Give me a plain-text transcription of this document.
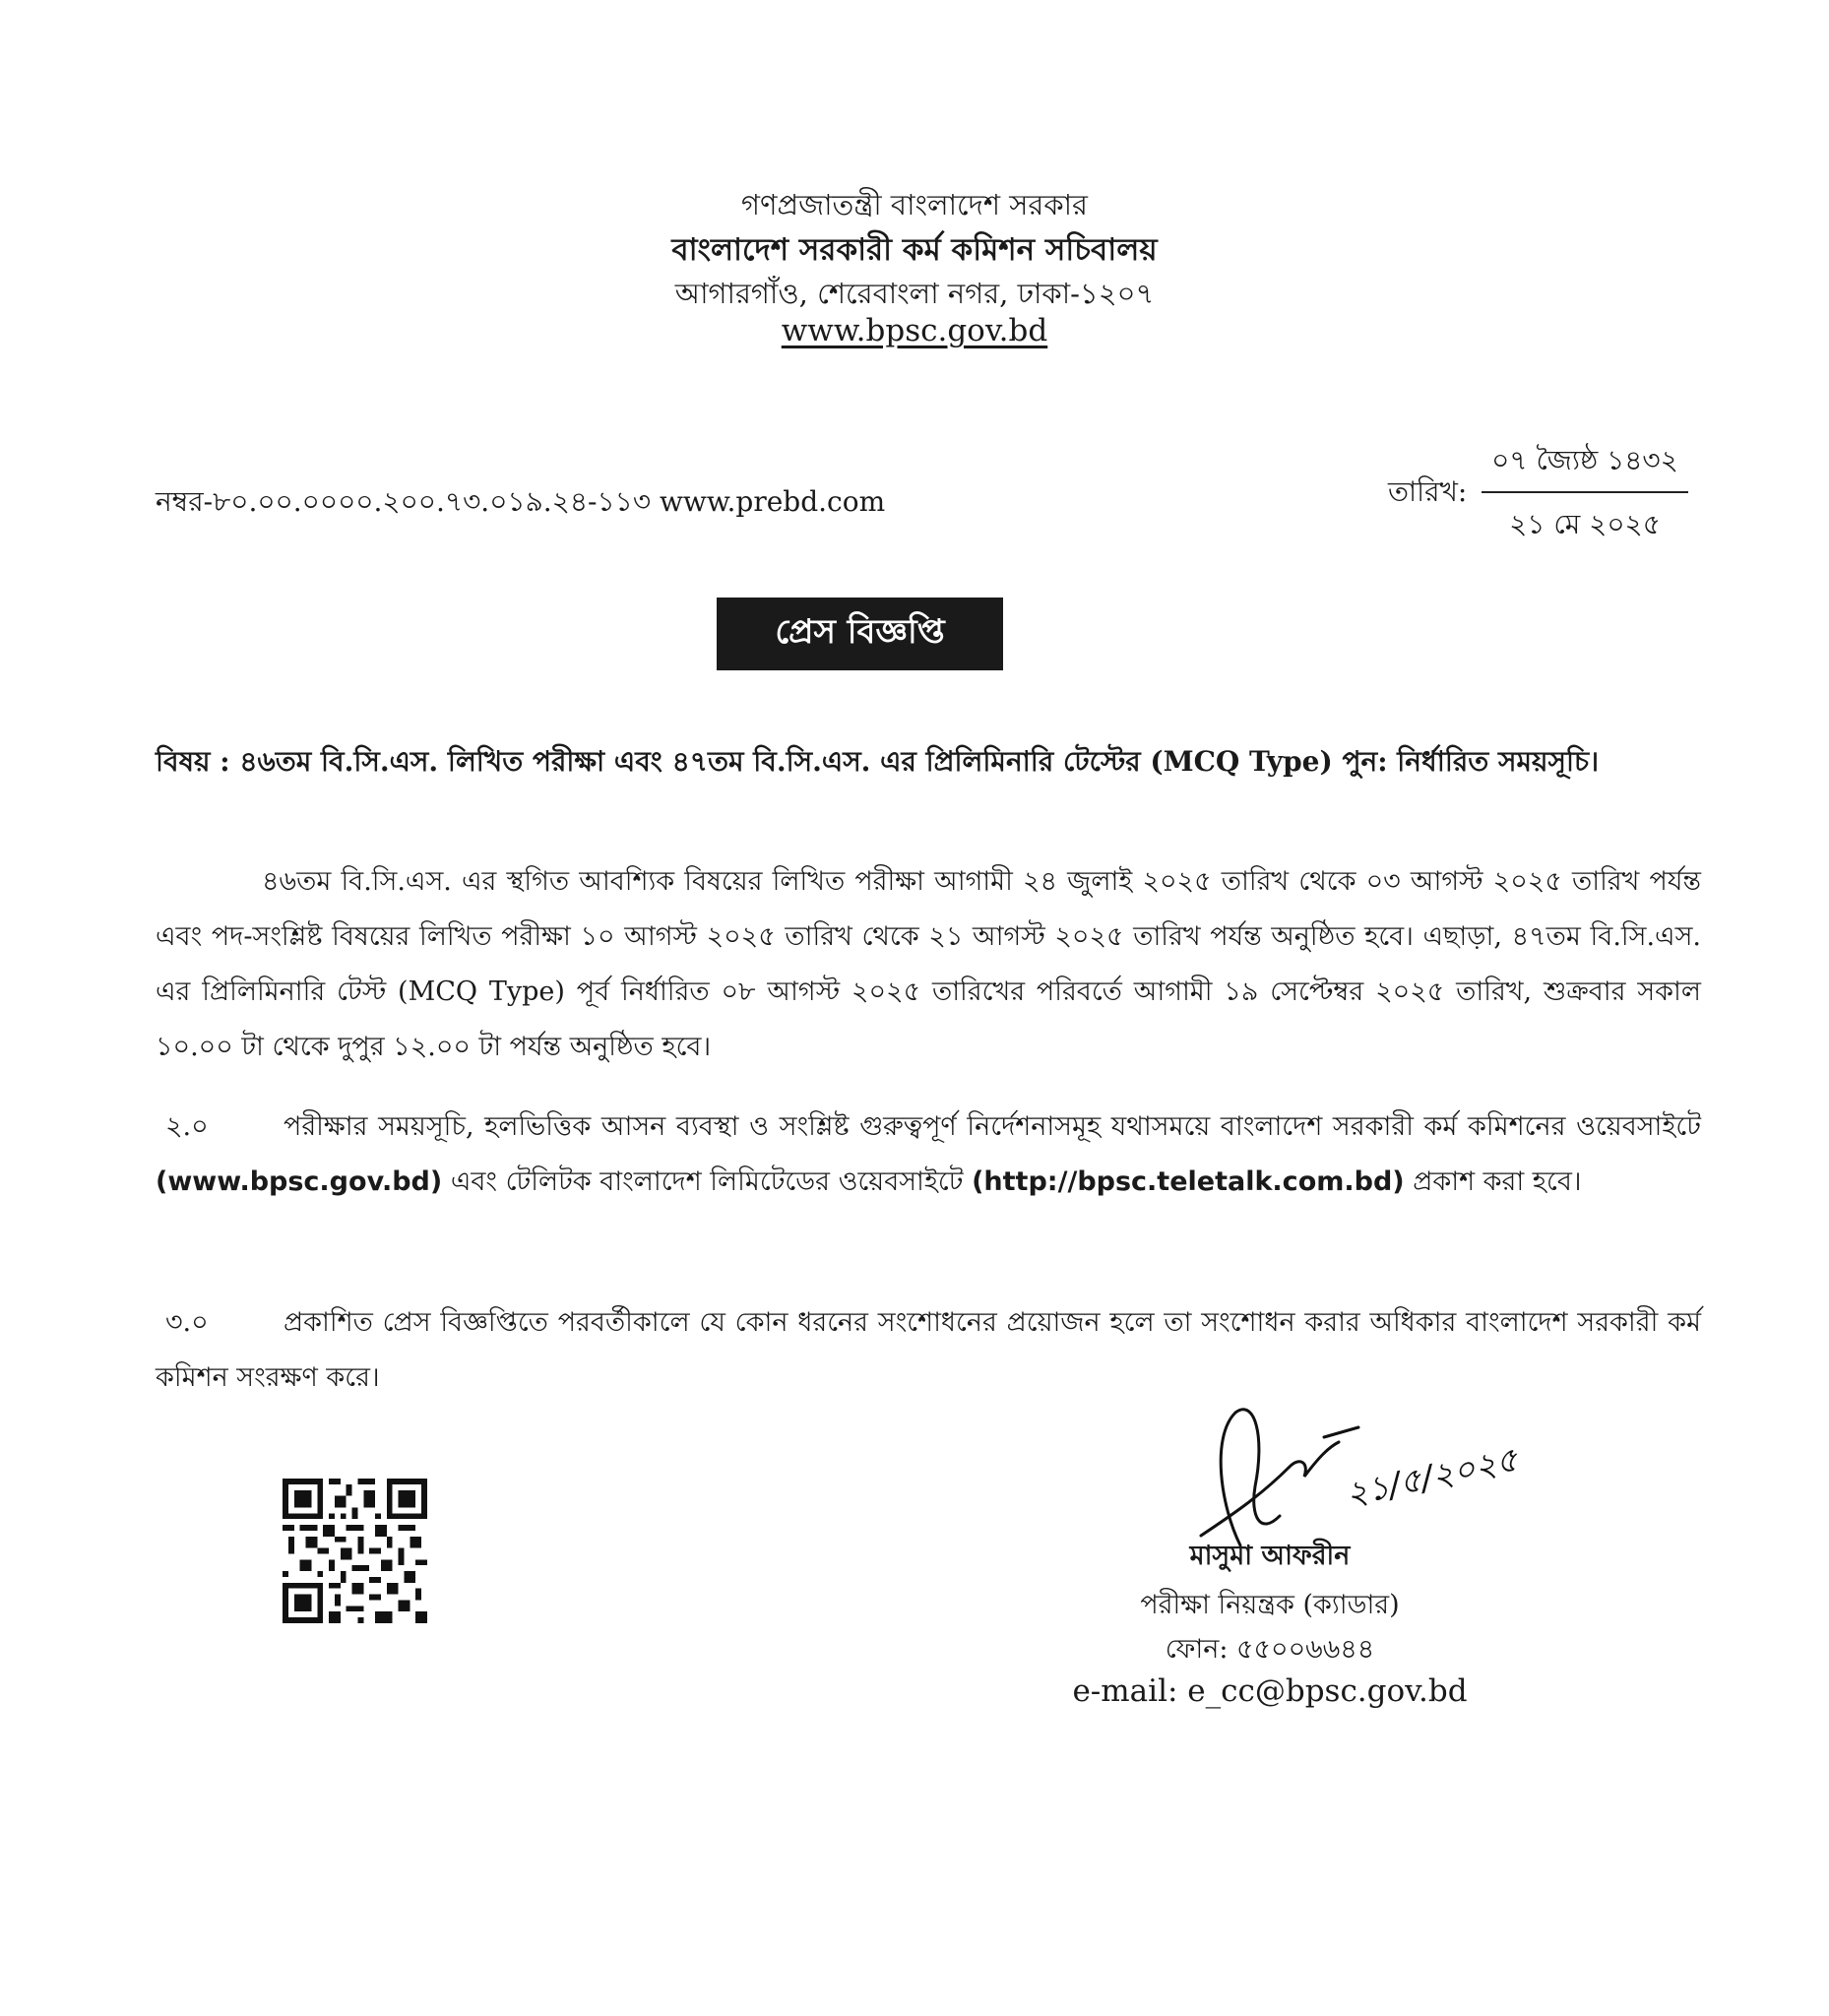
গণপ্রজাতন্ত্রী বাংলাদেশ সরকার
বাংলাদেশ সরকারী কর্ম কমিশন সচিবালয়
আগারগাঁও, শেরেবাংলা নগর, ঢাকা-১২০৭
www.bpsc.gov.bd
নম্বর-৮০.০০.০০০০.২০০.৭৩.০১৯.২৪-১১৩ www.prebd.com	তারিখ:
০৭ জ্যৈষ্ঠ ১৪৩২
২১ মে ২০২৫
প্রেস বিজ্ঞপ্তি
বিষয় : ৪৬তম বি.সি.এস. লিখিত পরীক্ষা এবং ৪৭তম বি.সি.এস. এর প্রিলিমিনারি টেস্টের (MCQ Type) পুন: নির্ধারিত সময়সূচি।
৪৬তম বি.সি.এস. এর স্থগিত আবশ্যিক বিষয়ের লিখিত পরীক্ষা আগামী ২৪ জুলাই ২০২৫ তারিখ থেকে ০৩ আগস্ট ২০২৫ তারিখ পর্যন্ত এবং পদ-সংশ্লিষ্ট বিষয়ের লিখিত পরীক্ষা ১০ আগস্ট ২০২৫ তারিখ থেকে ২১ আগস্ট ২০২৫ তারিখ পর্যন্ত অনুষ্ঠিত হবে। এছাড়া, ৪৭তম বি.সি.এস. এর প্রিলিমিনারি টেস্ট (MCQ Type) পূর্ব নির্ধারিত ০৮ আগস্ট ২০২৫ তারিখের পরিবর্তে আগামী ১৯ সেপ্টেম্বর ২০২৫ তারিখ, শুক্রবার সকাল ১০.০০ টা থেকে দুপুর ১২.০০ টা পর্যন্ত অনুষ্ঠিত হবে।
২.০	পরীক্ষার সময়সূচি, হলভিত্তিক আসন ব্যবস্থা ও সংশ্লিষ্ট গুরুত্বপূর্ণ নির্দেশনাসমূহ যথাসময়ে বাংলাদেশ সরকারী কর্ম কমিশনের ওয়েবসাইটে (www.bpsc.gov.bd) এবং টেলিটক বাংলাদেশ লিমিটেডের ওয়েবসাইটে (http://bpsc.teletalk.com.bd) প্রকাশ করা হবে।
৩.০	প্রকাশিত প্রেস বিজ্ঞপ্তিতে পরবর্তীকালে যে কোন ধরনের সংশোধনের প্রয়োজন হলে তা সংশোধন করার অধিকার বাংলাদেশ সরকারী কর্ম কমিশন সংরক্ষণ করে।
২১/৫/২০২৫
মাসুমা আফরীন
পরীক্ষা নিয়ন্ত্রক (ক্যাডার)
ফোন: ৫৫০০৬৬৪৪
e-mail: e_cc@bpsc.gov.bd
